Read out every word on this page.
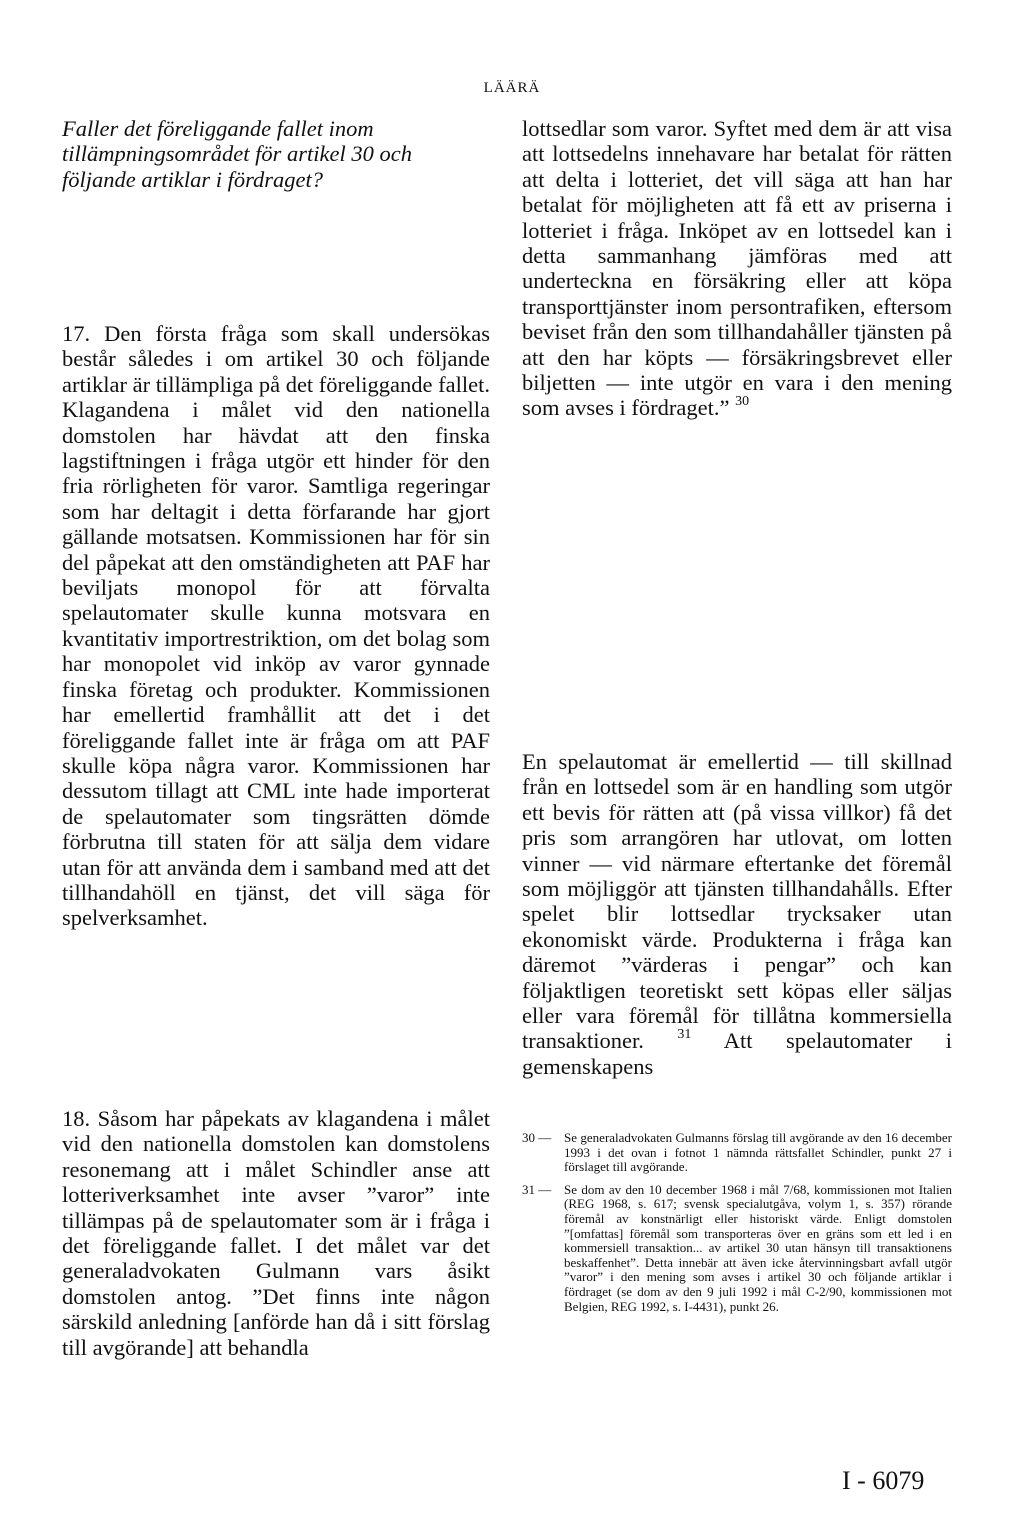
LÄÄRÄ
Faller det föreliggande fallet inom tillämpningsområdet för artikel 30 och följande artiklar i fördraget?
17. Den första fråga som skall undersökas består således i om artikel 30 och följande artiklar är tillämpliga på det föreliggande fallet. Klagandena i målet vid den nationella domstolen har hävdat att den finska lagstiftningen i fråga utgör ett hinder för den fria rörligheten för varor. Samtliga regeringar som har deltagit i detta förfarande har gjort gällande motsatsen. Kommissionen har för sin del påpekat att den omständigheten att PAF har beviljats monopol för att förvalta spelautomater skulle kunna motsvara en kvantitativ importrestriktion, om det bolag som har monopolet vid inköp av varor gynnade finska företag och produkter. Kommissionen har emellertid framhållit att det i det föreliggande fallet inte är fråga om att PAF skulle köpa några varor. Kommissionen har dessutom tillagt att CML inte hade importerat de spelautomater som tingsrätten dömde förbrutna till staten för att sälja dem vidare utan för att använda dem i samband med att det tillhandahöll en tjänst, det vill säga för spelverksamhet.
18. Såsom har påpekats av klagandena i målet vid den nationella domstolen kan domstolens resonemang att i målet Schindler anse att lotteriverksamhet inte avser ”varor” inte tillämpas på de spelautomater som är i fråga i det föreliggande fallet. I det målet var det generaladvokaten Gulmann vars åsikt domstolen antog. ”Det finns inte någon särskild anledning [anförde han då i sitt förslag till avgörande] att behandla
lottsedlar som varor. Syftet med dem är att visa att lottsedelns innehavare har betalat för rätten att delta i lotteriet, det vill säga att han har betalat för möjligheten att få ett av priserna i lotteriet i fråga. Inköpet av en lottsedel kan i detta sammanhang jämföras med att underteckna en försäkring eller att köpa transporttjänster inom persontrafiken, eftersom beviset från den som tillhandahåller tjänsten på att den har köpts — försäkringsbrevet eller biljetten — inte utgör en vara i den mening som avses i fördraget.” $^{30}$
En spelautomat är emellertid — till skillnad från en lottsedel som är en handling som utgör ett bevis för rätten att (på vissa villkor) få det pris som arrangören har utlovat, om lotten vinner — vid närmare eftertanke det föremål som möjliggör att tjänsten tillhandahålls. Efter spelet blir lottsedlar trycksaker utan ekonomiskt värde. Produkterna i fråga kan däremot ”värderas i pengar” och kan följaktligen teoretiskt sett köpas eller säljas eller vara föremål för tillåtna kommersiella transaktioner. $^{31}$ Att spelautomater i gemenskapens
30 — Se generaladvokaten Gulmanns förslag till avgörande av den 16 december 1993 i det ovan i fotnot 1 nämnda rättsfallet Schindler, punkt 27 i förslaget till avgörande.
31 — Se dom av den 10 december 1968 i mål 7/68, kommissionen mot Italien (REG 1968, s. 617; svensk specialutgåva, volym 1, s. 357) rörande föremål av konstnärligt eller historiskt värde. Enligt domstolen ”[omfattas] föremål som transporteras över en gräns som ett led i en kommersiell transaktion... av artikel 30 utan hänsyn till transaktionens beskaffenhet”. Detta innebär att även icke återvinningsbart avfall utgör ”varor” i den mening som avses i artikel 30 och följande artiklar i fördraget (se dom av den 9 juli 1992 i mål C-2/90, kommissionen mot Belgien, REG 1992, s. I-4431), punkt 26.
I - 6079
